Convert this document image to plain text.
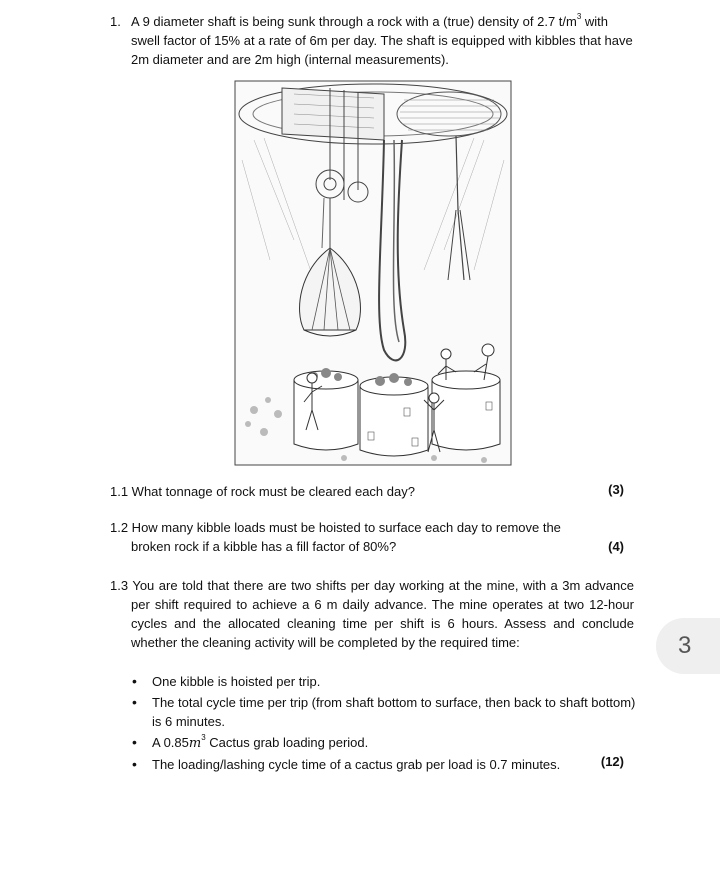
1. A 9 diameter shaft is being sunk through a rock with a (true) density of 2.7 $t/m^3$ with swell factor of 15% at a rate of 6m per day. The shaft is equipped with kibbles that have 2m diameter and are 2m high (internal measurements).
1.1 What tonnage of rock must be cleared each day?	(3)
1.2 How many kibble loads must be hoisted to surface each day to remove the
broken rock if a kibble has a fill factor of 80%?	(4)
1.3 You are told that there are two shifts per day working at the mine, with a 3m advance per shift required to achieve a 6 m daily advance. The mine operates at two 12-hour cycles and the allocated cleaning time per shift is 6 hours. Assess and conclude whether the cleaning activity will be completed by the required time:
• One kibble is hoisted per trip.
• The total cycle time per trip (from shaft bottom to surface, then back to shaft bottom) is 6 minutes.
• A $0.85m^3$ Cactus grab loading period.
• The loading/lashing cycle time of a cactus grab per load is 0.7 minutes.	(12)
3
